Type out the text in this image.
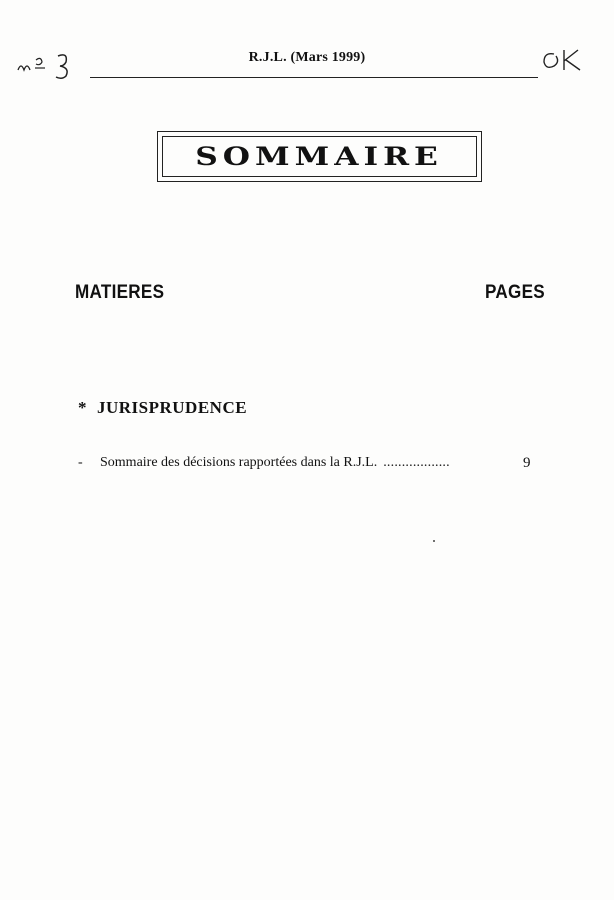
R.J.L. (Mars 1999)
SOMMAIRE
MATIERES	PAGES
* JURISPRUDENCE
-	Sommaire des décisions rapportées dans la R.J.L. ..................	9
